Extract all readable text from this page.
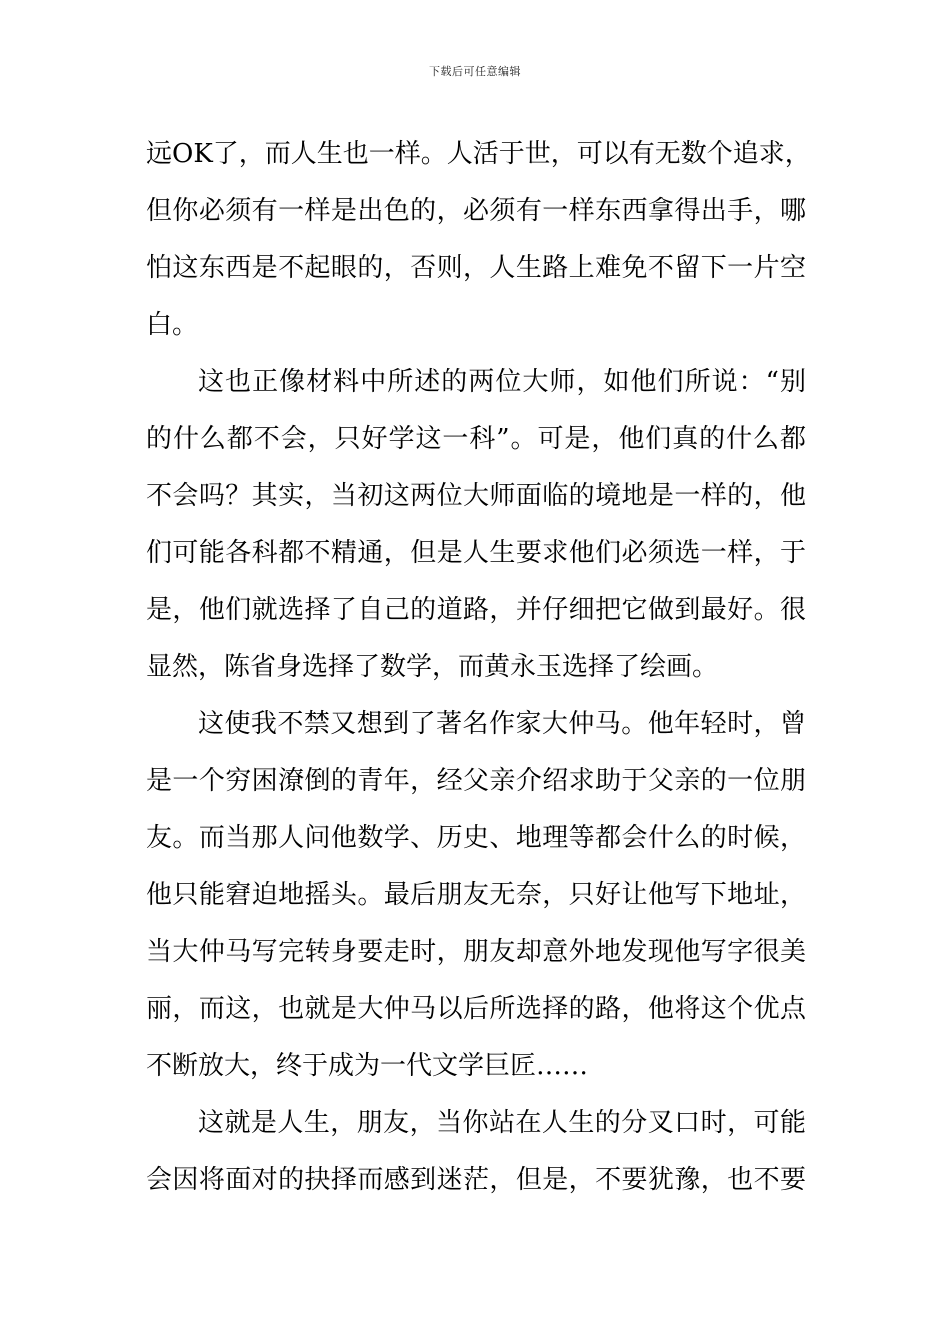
下载后可任意编辑
远OK了，而人生也一样。人活于世，可以有无数个追求，
但你必须有一样是出色的，必须有一样东西拿得出手，哪
怕这东西是不起眼的，否则，人生路上难免不留下一片空
白。
这也正像材料中所述的两位大师，如他们所说：“别
的什么都不会，只好学这一科”。可是，他们真的什么都
不会吗？其实，当初这两位大师面临的境地是一样的，他
们可能各科都不精通，但是人生要求他们必须选一样，于
是，他们就选择了自己的道路，并仔细把它做到最好。很
显然，陈省身选择了数学，而黄永玉选择了绘画。
这使我不禁又想到了著名作家大仲马。他年轻时，曾
是一个穷困潦倒的青年，经父亲介绍求助于父亲的一位朋
友。而当那人问他数学、历史、地理等都会什么的时候，
他只能窘迫地摇头。最后朋友无奈，只好让他写下地址，
当大仲马写完转身要走时，朋友却意外地发现他写字很美
丽，而这，也就是大仲马以后所选择的路，他将这个优点
不断放大，终于成为一代文学巨匠……
这就是人生，朋友，当你站在人生的分叉口时，可能
会因将面对的抉择而感到迷茫，但是，不要犹豫，也不要
